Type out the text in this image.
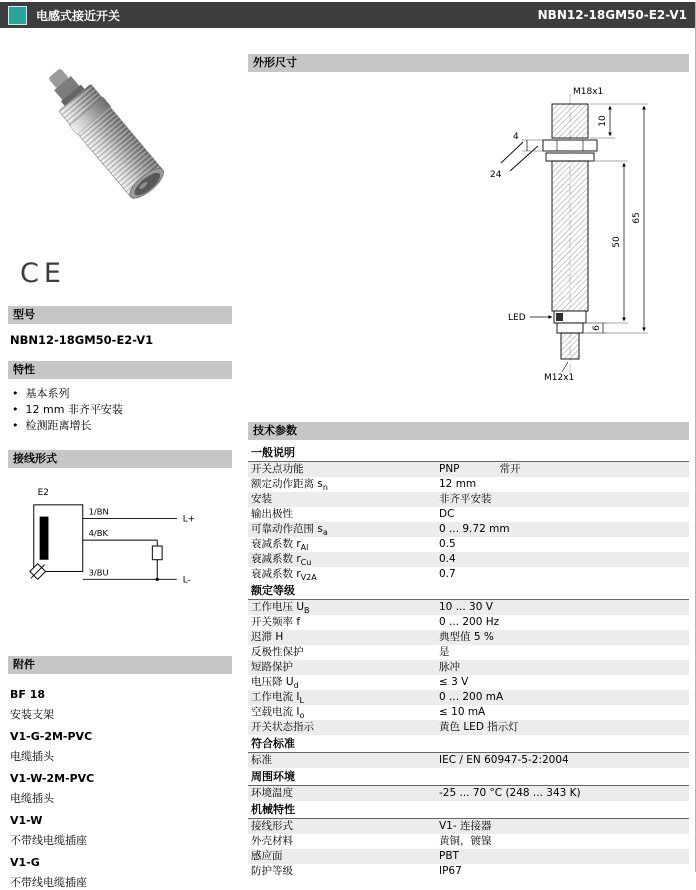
电感式接近开关	NBN12-18GM50-E2-V1
CE
型号
NBN12-18GM50-E2-V1
特性
• 基本系列
• 12 mm 非齐平安装
• 检测距离增长
接线形式
E2
1/BN
L+
4/BK
3/BU
L-
附件
BF 18
安装支架
V1-G-2M-PVC
电缆插头
V1-W-2M-PVC
电缆插头
V1-W
不带线电缆插座
V1-G
不带线电缆插座
外形尺寸
M18x1
LED
M12x1
24
4
10
50
65
6
技术参数
一般说明
开关点功能	PNP	常开
额定动作距离 $s_n$	12 mm
安装	非齐平安装
输出极性	DC
可靠动作范围 $s_a$	0 ... 9.72 mm
衰减系数 $r_{Al}$	0.5
衰减系数 $r_{Cu}$	0.4
衰减系数 $r_{V2A}$	0.7
额定等级
工作电压 $U_B$	10 ... 30 V
开关频率 f	0 ... 200 Hz
迟滞 H	典型值 5 %
反极性保护	是
短路保护	脉冲
电压降 $U_d$	≤ 3 V
工作电流 $I_L$	0 ... 200 mA
空载电流 $I_o$	≤ 10 mA
开关状态指示	黄色 LED 指示灯
符合标准
标准	IEC / EN 60947-5-2:2004
周围环境
环境温度	-25 ... 70 °C (248 ... 343 K)
机械特性
接线形式	V1- 连接器
外壳材料	黄铜，镀镍
感应面	PBT
防护等级	IP67
